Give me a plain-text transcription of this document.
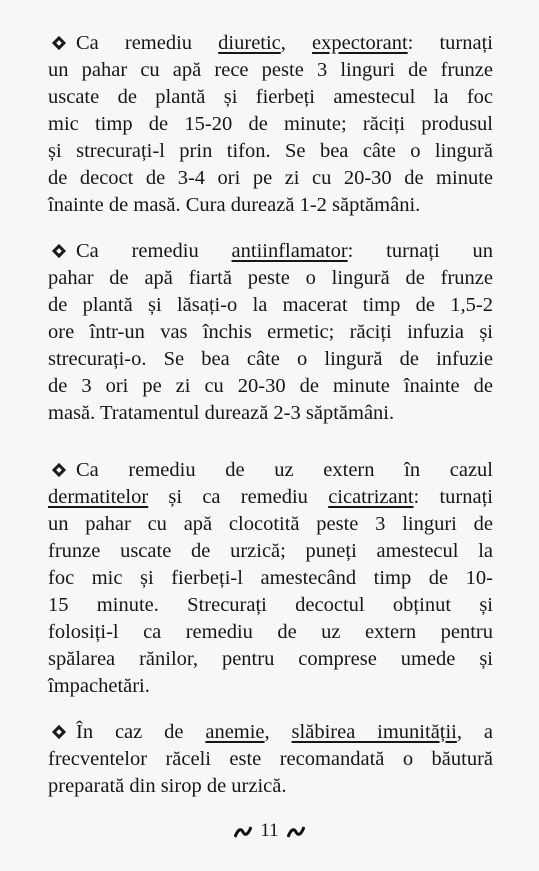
Ca remediu diuretic, expectorant: turnați
un pahar cu apă rece peste 3 linguri de frunze
uscate de plantă și fierbeți amestecul la foc
mic timp de 15-20 de minute; răciți produsul
și strecurați-l prin tifon. Se bea câte o lingură
de decoct de 3-4 ori pe zi cu 20-30 de minute
înainte de masă. Cura durează 1-2 săptămâni.
Ca remediu antiinflamator: turnați un
pahar de apă fiartă peste o lingură de frunze
de plantă și lăsați-o la macerat timp de 1,5-2
ore într-un vas închis ermetic; răciți infuzia și
strecurați-o. Se bea câte o lingură de infuzie
de 3 ori pe zi cu 20-30 de minute înainte de
masă. Tratamentul durează 2-3 săptămâni.
Ca remediu de uz extern în cazul
dermatitelor și ca remediu cicatrizant: turnați
un pahar cu apă clocotită peste 3 linguri de
frunze uscate de urzică; puneți amestecul la
foc mic și fierbeți-l amestecând timp de 10-
15 minute. Strecurați decoctul obținut și
folosiți-l ca remediu de uz extern pentru
spălarea rănilor, pentru comprese umede și
împachetări.
În caz de anemie, slăbirea imunității, a
frecventelor răceli este recomandată o băutură
preparată din sirop de urzică.
11
